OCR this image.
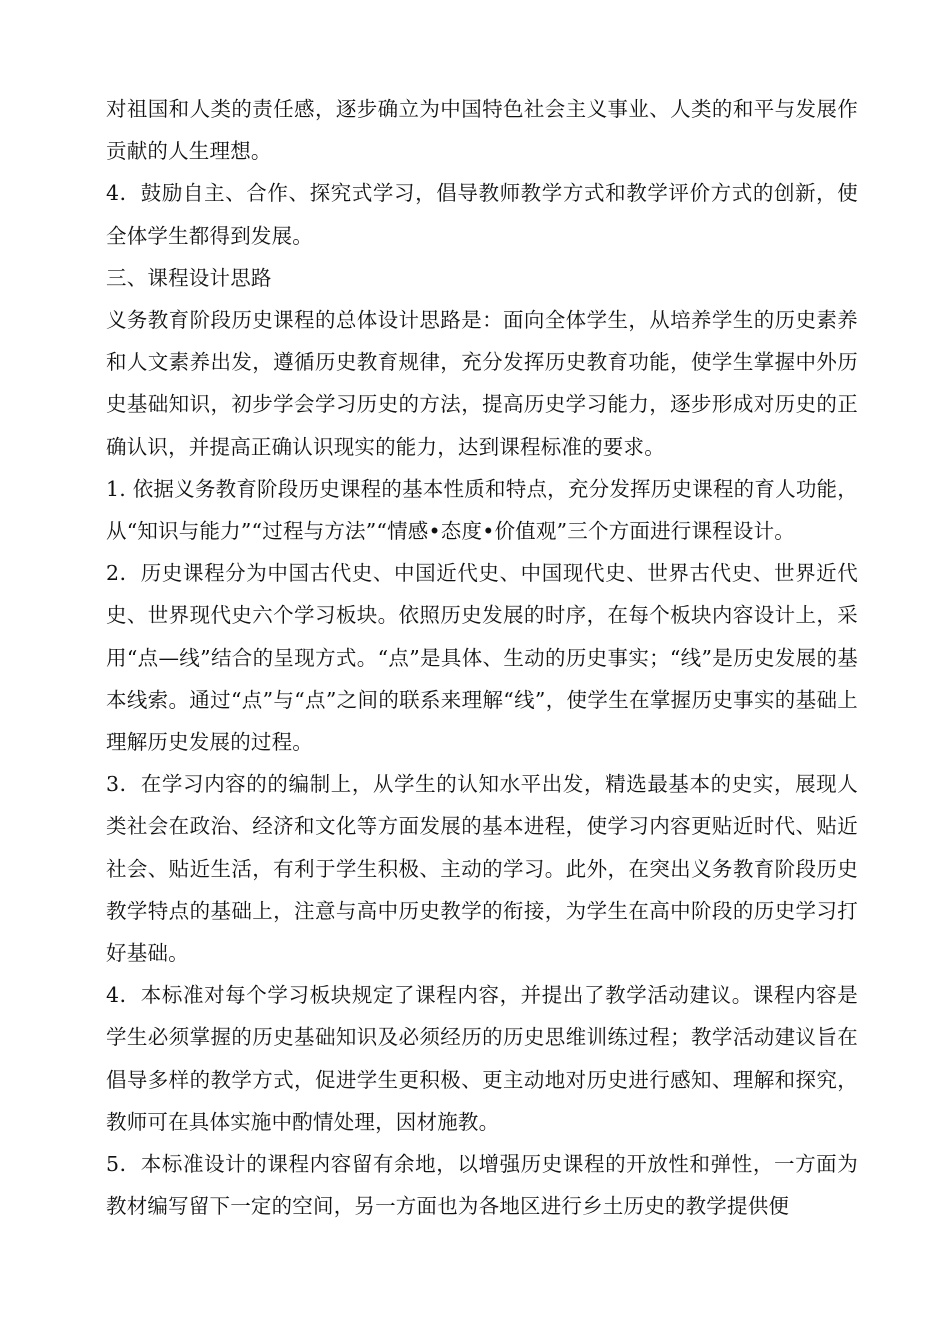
对祖国和人类的责任感，逐步确立为中国特色社会主义事业、人类的和平与发展作贡献的人生理想。

4．鼓励自主、合作、探究式学习，倡导教师教学方式和教学评价方式的创新，使全体学生都得到发展。

三、课程设计思路

义务教育阶段历史课程的总体设计思路是：面向全体学生，从培养学生的历史素养和人文素养出发，遵循历史教育规律，充分发挥历史教育功能，使学生掌握中外历史基础知识，初步学会学习历史的方法，提高历史学习能力，逐步形成对历史的正确认识，并提高正确认识现实的能力，达到课程标准的要求。

1. 依据义务教育阶段历史课程的基本性质和特点，充分发挥历史课程的育人功能，从“知识与能力”“过程与方法”“情感•态度•价值观”三个方面进行课程设计。

2．历史课程分为中国古代史、中国近代史、中国现代史、世界古代史、世界近代史、世界现代史六个学习板块。依照历史发展的时序，在每个板块内容设计上，采用“点—线”结合的呈现方式。“点”是具体、生动的历史事实；“线”是历史发展的基本线索。通过“点”与“点”之间的联系来理解“线”，使学生在掌握历史事实的基础上理解历史发展的过程。

3．在学习内容的的编制上，从学生的认知水平出发，精选最基本的史实，展现人类社会在政治、经济和文化等方面发展的基本进程，使学习内容更贴近时代、贴近社会、贴近生活，有利于学生积极、主动的学习。此外，在突出义务教育阶段历史教学特点的基础上，注意与高中历史教学的衔接，为学生在高中阶段的历史学习打好基础。

4．本标准对每个学习板块规定了课程内容，并提出了教学活动建议。课程内容是学生必须掌握的历史基础知识及必须经历的历史思维训练过程；教学活动建议旨在倡导多样的教学方式，促进学生更积极、更主动地对历史进行感知、理解和探究，教师可在具体实施中酌情处理，因材施教。

5．本标准设计的课程内容留有余地，以增强历史课程的开放性和弹性，一方面为教材编写留下一定的空间，另一方面也为各地区进行乡土历史的教学提供便
